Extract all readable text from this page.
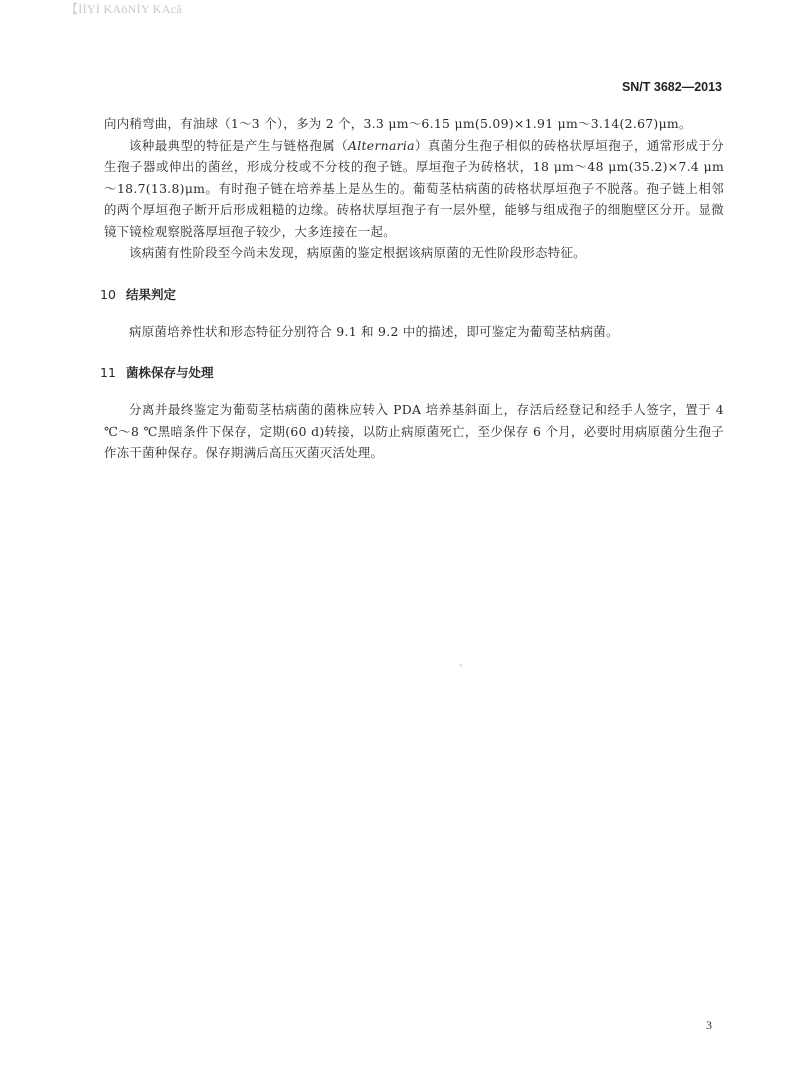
【İİYİ KAöNİY KAcâ
SN/T 3682—2013

向内稍弯曲，有油球（1～3 个），多为 2 个，3.3 μm～6.15 μm(5.09)×1.91 μm～3.14(2.67)μm。

该种最典型的特征是产生与链格孢属（Alternaria）真菌分生孢子相似的砖格状厚垣孢子，通常形成于分生孢子器或伸出的菌丝，形成分枝或不分枝的孢子链。厚垣孢子为砖格状，18 μm～48 μm(35.2)×7.4 μm～18.7(13.8)μm。有时孢子链在培养基上是丛生的。葡萄茎枯病菌的砖格状厚垣孢子不脱落。孢子链上相邻的两个厚垣孢子断开后形成粗糙的边缘。砖格状厚垣孢子有一层外壁，能够与组成孢子的细胞壁区分开。显微镜下镜检观察脱落厚垣孢子较少，大多连接在一起。

该病菌有性阶段至今尚未发现，病原菌的鉴定根据该病原菌的无性阶段形态特征。

10 结果判定

病原菌培养性状和形态特征分别符合 9.1 和 9.2 中的描述，即可鉴定为葡萄茎枯病菌。

11 菌株保存与处理

分离并最终鉴定为葡萄茎枯病菌的菌株应转入 PDA 培养基斜面上，存活后经登记和经手人签字，置于 4 ℃～8 ℃黑暗条件下保存，定期(60 d)转接，以防止病原菌死亡，至少保存 6 个月，必要时用病原菌分生孢子作冻干菌种保存。保存期满后高压灭菌灭活处理。

3
